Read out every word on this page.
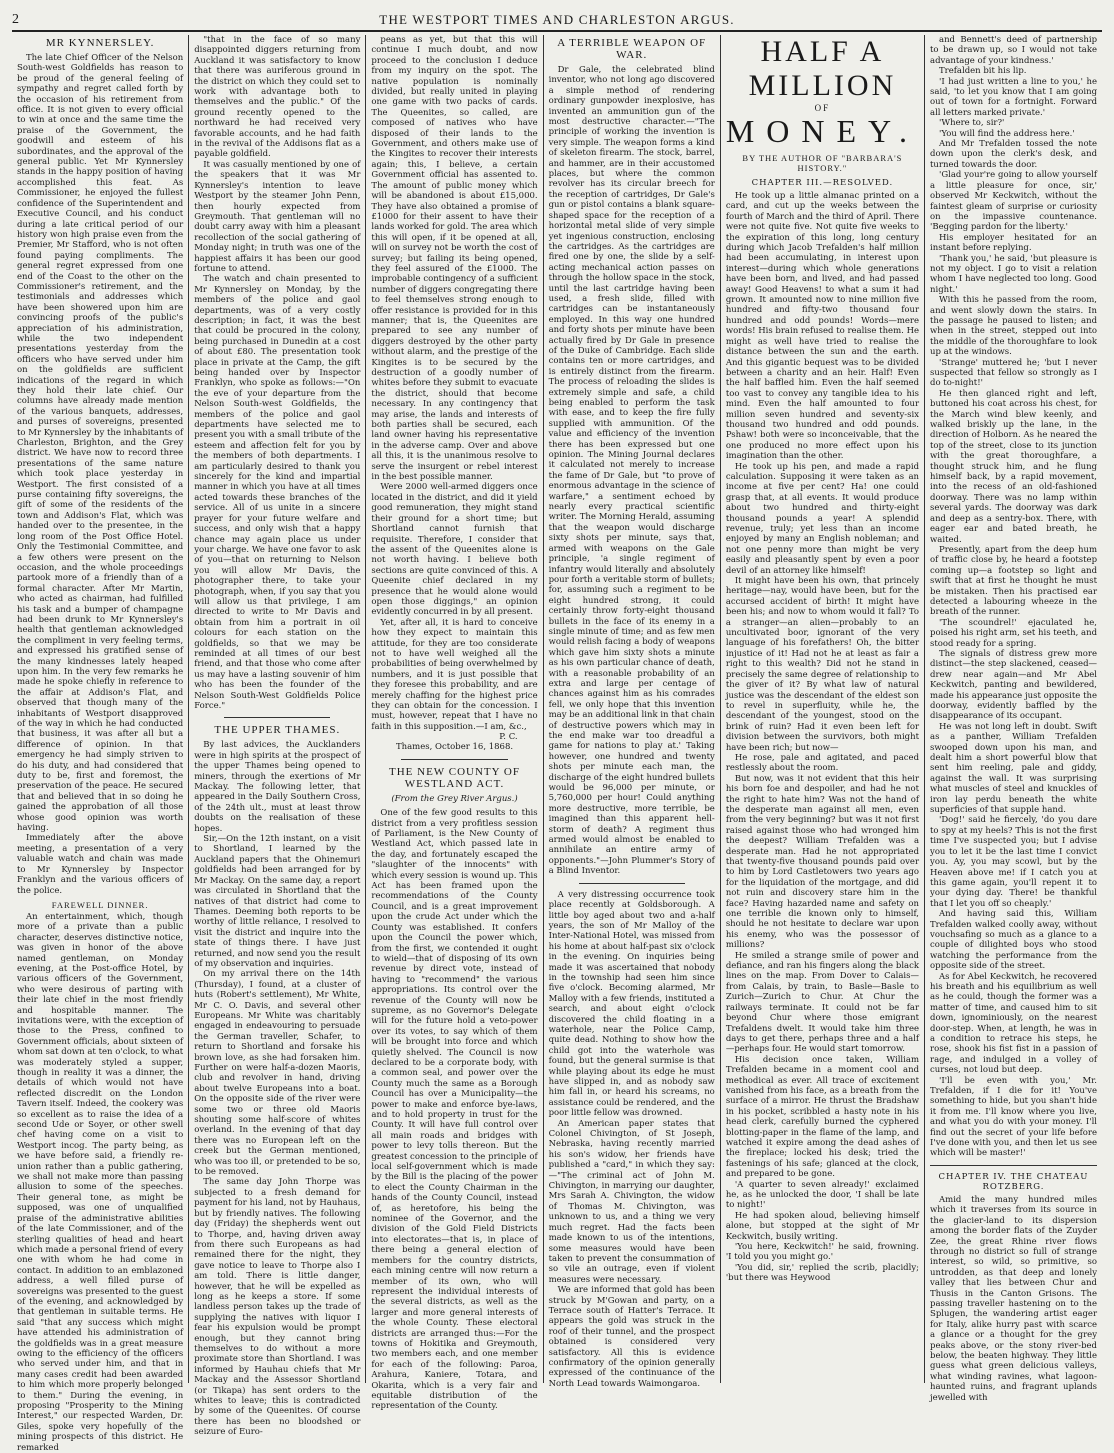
2	THE WESTPORT TIMES AND CHARLESTON ARGUS.
MR KYNNERSLEY.

The late Chief Officer of the Nelson South-west Goldfields has reason to be proud of the general feeling of sympathy and regret called forth by the occasion of his retirement from office. It is not given to every official to win at once and the same time the praise of the Government, the goodwill and esteem of his subordinates, and the approval of the general public. Yet Mr Kynnersley stands in the happy position of having accomplished this feat. As Commissioner, he enjoyed the fullest confidence of the Superintendent and Executive Council, and his conduct during a late critical period of our history won high praise even from the Premier, Mr Stafford, who is not often found paying compliments. The general regret expressed from one end of the Coast to the other on the Commissioner's retirement, and the testimonials and addresses which have been showered upon him are convincing proofs of the public's appreciation of his administration, while the two independent presentations yesterday from the officers who have served under him on the goldfields are sufficient indications of the regard in which they hold their late chief. Our columns have already made mention of the various banquets, addresses, and purses of sovereigns, presented to Mr Kynnersley by the inhabitants of Charleston, Brighton, and the Grey district. We have now to record three presentations of the same nature which took place yesterday in Westport. The first consisted of a purse containing fifty sovereigns, the gift of some of the residents of the town and Addison's Flat, which was handed over to the presentee, in the long room of the Post Office Hotel. Only the Testimonial Committee, and a few others were present on the occasion, and the whole proceedings partook more of a friendly than of a formal character. After Mr Martin, who acted as chairman, had fulfilled his task and a bumper of champagne had been drunk to Mr Kynnersley's health that gentleman acknowledged the compliment in very feeling terms, and expressed his gratified sense of the many kindnesses lately heaped upon him. In the very few remarks he made he spoke chiefly in reference to the affair at Addison's Flat, and observed that though many of the inhabitants of Westport disapproved of the way in which he had conducted that business, it was after all but a difference of opinion. In that emergency he had simply striven to do his duty, and had considered that duty to be, first and foremost, the preservation of the peace. He secured that and believed that in so doing he gained the approbation of all those whose good opinion was worth having.

Immediately after the above meeting, a presentation of a very valuable watch and chain was made to Mr Kynnersley by Inspector Franklyn and the various officers of the police.

FAREWELL DINNER.

An entertainment, which, though more of a private than a public character, deserves distinctive notice, was given in honor of the above named gentleman, on Monday evening, at the Post-office Hotel, by various officers of the Government, who were desirous of parting with their late chief in the most friendly and hospitable manner. The invitations were, with the exception of those to the Press, confined to Government officials, about sixteen of whom sat down at ten o'clock, to what was moderately styled a supper, though in reality it was a dinner, the details of which would not have reflected discredit on the London Tavern itself. Indeed, the cookery was so excellent as to raise the idea of a second Ude or Soyer, or other swell chef having come on a visit to Westport incog. The party being, as we have before said, a friendly re-union rather than a public gathering, we shall not make more than passing allusion to some of the speeches. Their general tone, as might be supposed, was one of unqualified praise of the administrative abilities of the late Commissioner, and of the sterling qualities of head and heart which made a personal friend of every one with whom he had come in contact. In addition to an emblazoned address, a well filled purse of sovereigns was presented to the guest of the evening, and acknowledged by that gentleman in suitable terms. He said "that any success which might have attended his administration of the goldfields was in a great measure owing to the efficiency of the officers who served under him, and that in many cases credit had been awarded to him which more properly belonged to them." During the evening, in proposing "Prosperity to the Mining Interest," our respected Warden, Dr. Giles, spoke very hopefully of the mining prospects of this district. He remarked

"that in the face of so many disappointed diggers returning from Auckland it was satisfactory to know that there was auriferous ground in the district on which they could set to work with advantage both to themselves and the public." Of the ground recently opened to the northward he had received very favorable accounts, and he had faith in the revival of the Addisons flat as a payable goldfield.

It was casually mentioned by one of the speakers that it was Mr Kynnersley's intention to leave Westport by the steamer John Penn, then hourly expected from Greymouth. That gentleman will no doubt carry away with him a pleasant recollection of the social gathering of Monday night; in truth was one of the happiest affairs it has been our good fortune to attend.

The watch and chain presented to Mr Kynnersley on Monday, by the members of the police and gaol departments, was of a very costly description; in fact, it was the best that could be procured in the colony, being purchased in Dunedin at a cost of about £80. The presentation took place in private at the Camp, the gift being handed over by Inspector Franklyn, who spoke as follows:—"On the eve of your departure from the Nelson South-west Goldfields, the members of the police and gaol departments have selected me to present you with a small tribute of the esteem and affection felt for you by the members of both departments. I am particularly desired to thank you sincerely for the kind and impartial manner in which you have at all times acted towards these branches of the service. All of us unite in a sincere prayer for your future welfare and success, and only wish that a happy chance may again place us under your charge. We have one favor to ask of you—that on returning to Nelson you will allow Mr Davis, the photographer there, to take your photograph, when, if you say that you will allow us that privilege, I am directed to write to Mr Davis and obtain from him a portrait in oil colours for each station on the goldfields, so that we may be reminded at all times of our best friend, and that those who come after us may have a lasting souvenir of him who has been the founder of the Nelson South-West Goldfields Police Force."

THE UPPER THAMES.

By last advices, the Aucklanders were in high spirits at the prospect of the upper Thames being opened to miners, through the exertions of Mr Mackay. The following letter, that appeared in the Daily Southern Cross, of the 24th ult., must at least throw doubts on the realisation of these hopes.

Sir,—On the 12th instant, on a visit to Shortland, I learned by the Auckland papers that the Ohinemuri goldfields had been arranged for by Mr Mackay. On the same day, a report was circulated in Shortland that the natives of that district had come to Thames. Deeming both reports to be worthy of little reliance, I resolved to visit the district and inquire into the state of things there. I have just returned, and now send you the result of my observation and inquiries.

On my arrival there on the 14th (Thursday), I found, at a cluster of huts (Robert's settlement), Mr White, Mr C. O. Davis, and several other Europeans. Mr White was charitably engaged in endeavouring to persuade the German traveller, Schafer, to return to Shortland and forsake his brown love, as she had forsaken him. Further on were half-a-dozen Maoris, club and revolver in hand, driving about twelve Europeans into a boat. On the opposite side of the river were some two or three old Maoris shouting some half-score of whites overland. In the evening of that day there was no European left on the creek but the German mentioned, who was too ill, or pretended to be so, to be removed.

The same day John Thorpe was subjected to a fresh demand for payment for his land, not by Hauhaus, but by friendly natives. The following day (Friday) the shepherds went out to Thorpe, and, having driven away from there such Europeans as had remained there for the night, they gave notice to leave to Thorpe also I am told. There is little danger, however, that he will be expelled as long as he keeps a store. If some landless person takes up the trade of supplying the natives with liquor I fear his expulsion would be prompt enough, but they cannot bring themselves to do without a more proximate store than Shortland. I was informed by Hauhau chiefs that Mr Mackay and the Assessor Shortland (or Tikapa) has sent orders to the whites to leave; this is contradicted by some of the Queenites. Of course there has been no bloodshed or seizure of Euro-

peans as yet, but that this will continue I much doubt, and now proceed to the conclusion I deduce from my inquiry on the spot. The native population is nominally divided, but really united in playing one game with two packs of cards. The Queenites, so called, are composed of natives who have disposed of their lands to the Government, and others make use of the Kingites to recover their interests again; this, I believe, a certain Government official has assented to. The amount of public money which will be abandoned is about £15,000. They have also obtained a promise of £1000 for their assent to have their lands worked for gold. The area which this will open, if it be opened at all, will on survey not be worth the cost of survey; but failing its being opened, they feel assured of the £1000. The improbable contingency of a sufficient number of diggers congregating there to feel themselves strong enough to offer resistance is provided for in this manner; that is, the Queenites are prepared to see any number of diggers destroyed by the other party without alarm, and the prestige of the Kingites is to be secured by the destruction of a goodly number of whites before they submit to evacuate the district, should that become necessary. In any contingency that may arise, the lands and interests of both parties shall be secured, each land owner having his representative in the adverse camp. Over and above all this, it is the unanimous resolve to serve the insurgent or rebel interest in the best possible manner.

Were 2000 well-armed diggers once located in the district, and did it yield good remuneration, they might stand their ground for a short time; but Shortland cannot furnish that requisite. Therefore, I consider that the assent of the Queenites alone is not worth having. I believe both sections are quite convinced of this. A Queenite chief declared in my presence that he would alone would open those diggings," an opinion evidently concurred in by all present.

Yet, after all, it is hard to conceive how they expect to maintain this attitude, for they are too considerate not to have well weighed all the probabilities of being overwhelmed by numbers, and it is just possible that they foresee this probability, and are merely chaffing for the highest price they can obtain for the concession. I must, however, repeat that I have no faith in this supposition.—I am, &c.,

P. C.
Thames, October 16, 1868.
THE NEW COUNTY OF WESTLAND ACT.
(From the Grey River Argus.)

One of the few good results to this district from a very profitless session of Parliament, is the New County of Westland Act, which passed late in the day, and fortunately escaped the "slaughter of the innocents" with which every session is wound up. This Act has been framed upon the recommendations of the County Council, and is a great improvement upon the crude Act under which the County was established. It confers upon the Council the power which, from the first, we contended it ought to wield—that of disposing of its own revenue by direct vote, instead of having to "recommend" the various appropriations. Its control over the revenue of the County will now be supreme, as no Governor's Delegate will for the future hold a veto-power over its votes, to say which of them will be brought into force and which quietly shelved. The Council is now declared to be a corporate body, with a common seal, and power over the County much the same as a Borough Council has over a Municipality—the power to make and enforce bye-laws, and to hold property in trust for the County. It will have full control over all main roads and bridges with power to levy tolls thereon. But the greatest concession to the principle of local self-government which is made by the Bill is the placing of the power to elect the County Chairman in the hands of the County Council, instead of, as heretofore, his being the nominee of the Governor, and the division of the Gold Field Districts into electorates—that is, in place of there being a general election of members for the country districts, each mining centre will now return a member of its own, who will represent the individual interests of the several districts, as well as the larger and more general interests of the whole County. These electoral districts are arranged thus:—For the towns of Hokitika and Greymouth, two members each, and one member for each of the following: Paroa, Arahura, Kaniere, Totara, and Okarita, which is a very fair and equitable distribution of the representation of the County.

A TERRIBLE WEAPON OF WAR.

Dr Gale, the celebrated blind inventor, who not long ago discovered a simple method of rendering ordinary gunpowder inexplosive, has invented an ammunition gun of the most destructive character.—"The principle of working the invention is very simple. The weapon forms a kind of skeleton firearm. The stock, barrel, and hammer, are in their accustomed places, but where the common revolver has its circular breech for the reception of cartridges, Dr Gale's gun or pistol contains a blank square-shaped space for the reception of a horizontal metal slide of very simple yet ingenious construction, enclosing the cartridges. As the cartridges are fired one by one, the slide by a self-acting mechanical action passes on through the hollow space in the stock, until the last cartridge having been used, a fresh slide, filled with cartridges can be instantaneously employed. In this way one hundred and forty shots per minute have been actually fired by Dr Gale in presence of the Duke of Cambridge. Each slide contains ten or more cartridges, and is entirely distinct from the firearm. The process of reloading the slides is extremely simple and safe, a child being enabled to perform the task with ease, and to keep the fire fully supplied with ammunition. Of the value and efficiency of the invention there has been expressed but one opinion. The Mining Journal declares it calculated not merely to increase the fame of Dr Gale, but "to prove of enormous advantage in the science of warfare," a sentiment echoed by nearly every practical scientific writer. The Morning Herald, assuming that the weapon would discharge sixty shots per minute, says that, armed with weapons on the Gale principle, 'a single regiment of infantry would literally and absolutely pour forth a veritable storm of bullets; for, assuming such a regiment to be eight hundred strong, it could certainly throw forty-eight thousand bullets in the face of its enemy in a single minute of time; and as few men would relish facing a body of weapons which gave him sixty shots a minute as his own particular chance of death, with a reasonable probability of an extra and large per centage of chances against him as his comrades fell, we only hope that this invention may be an additional link in that chain of destructive powers which may in the end make war too dreadful a game for nations to play at.' Taking however, one hundred and twenty shots per minute each man, the discharge of the eight hundred bullets would be 96,000 per minute, or 5,760,000 per hour! Could anything more destructive, more terrible, be imagined than this apparent hell-storm of death? A regiment thus armed would almost be enabled to annihilate an entire army of opponents."—John Plummer's Story of a Blind Inventor.

A very distressing occurrence took place recently at Goldsborough. A little boy aged about two and a-half years, the son of Mr Malloy of the Inter-National Hotel, was missed from his home at about half-past six o'clock in the evening. On inquiries being made it was ascertained that nobody in the township had seen him since five o'clock. Becoming alarmed, Mr Malloy with a few friends, instituted a search, and about eight o'clock discovered the child floating in a waterhole, near the Police Camp, quite dead. Nothing to show how the child got into the waterhole was found, but the general surmise is that while playing about its edge he must have slipped in, and as nobody saw him fall in, or heard his screams, no assistance could be rendered, and the poor little fellow was drowned.

An American paper states that Colonel Chivington, of St Joseph, Nebraska, having recently married his son's widow, her friends have published a "card," in which they say:—"The criminal act of John M. Chivington, in marrying our daughter, Mrs Sarah A. Chivington, the widow of Thomas M. Chivington, was unknown to us, and a thing we very much regret. Had the facts been made known to us of the intentions, some measures would have been taken to prevent the consummation of so vile an outrage, even if violent measures were necessary.

We are informed that gold has been struck by M'Gowan and party, on a Terrace south of Hatter's Terrace. It appears the gold was struck in the roof of their tunnel, and the prospect obtained is considered very satisfactory. All this is evidence confirmatory of the opinion generally expressed of the continuance of the North Lead towards Waimongaroa.

HALF A MILLION
OF
MONEY.
BY THE AUTHOR OF "BARBARA'S HISTORY."
CHAPTER III.—RESOLVED.

He took up a little almanac printed on a card, and cut up the weeks between the fourth of March and the third of April. There were not quite five. Not quite five weeks to the expiration of this long, long century during which Jacob Trefalden's half million had been accumulating, in interest upon interest—during which whole generations have been born, and lived, and had passed away! Good Heavens! to what a sum it had grown. It amounted now to nine million five hundred and fifty-two thousand four hundred and odd pounds! Words—mere words! His brain refused to realise them. He might as well have tried to realise the distance between the sun and the earth. And this gigantic bequest was to be divided between a charity and an heir. Half! Even the half baffled him. Even the half seemed too vast to convey any tangible idea to his mind. Even the half amounted to four million seven hundred and seventy-six thousand two hundred and odd pounds. Pshaw! both were so inconceivable, that the one produced no more effect upon his imagination than the other.

He took up his pen, and made a rapid calculation. Supposing it were taken as an income at five per cent? Ha! one could grasp that, at all events. It would produce about two hundred and thirty-eight thousand pounds a year! A splendid revenue, truly; yet less than an income enjoyed by many an English nobleman; and not one penny more than might be very easily and pleasantly spent by even a poor devil of an attorney like himself!

It might have been his own, that princely heritage—nay, would have been, but for the accursed accident of birth! It might have been his; and now to whom would it fall? To a stranger—an alien—probably to an uncultivated boor, ignorant of the very language of his forefathers! Oh, the bitter injustice of it! Had not he at least as fair a right to this wealth? Did not he stand in precisely the same degree of relationship to the giver of it? By what law of natural justice was the descendant of the eldest son to revel in superfluity, while he, the descendant of the youngest, stood on the brink of ruin? Had it even been left for division between the survivors, both might have been rich; but now—

He rose, pale and agitated, and paced restlessly about the room.

But now, was it not evident that this heir his born foe and despoiler, and had he not the right to hate him? Was not the hand of the desperate man against all men, even from the very beginning? but was it not first raised against those who had wronged him the deepest? William Trefalden was a desperate man. Had he not appropriated that twenty-five thousand pounds paid over to him by Lord Castletowers two years ago for the liquidation of the mortgage, and did not ruin and discovery stare him in the face? Having hazarded name and safety on one terrible die known only to himself, should he not hesitate to declare war upon his enemy, who was the possessor of millions?

He smiled a strange smile of power and defiance, and ran his fingers along the black lines on the map. From Dover to Calais—from Calais, by train, to Basle—Basle to Zurich—Zurich to Chur. At Chur the railways terminate. It could not be far beyond Chur where those emigrant Trefaldens dwelt. It would take him three days to get there, perhaps three and a half—perhaps four. He would start tomorrow.

His decision once taken, William Trefalden became in a moment cool and methodical as ever. All trace of excitement vanished from his face, as a breath from the surface of a mirror. He thrust the Bradshaw in his pocket, scribbled a hasty note in his head clerk, carefully burned the cyphered blotting-paper in the flame of the lamp, and watched it expire among the dead ashes of the fireplace; locked his desk; tried the fastenings of his safe; glanced at the clock, and prepared to be gone.

'A quarter to seven already!' exclaimed he, as he unlocked the door, 'I shall be late to night!'

He had spoken aloud, believing himself alone, but stopped at the sight of Mr Keckwitch, busily writing.

'You here, Keckwitch!' he said, frowning. 'I told you you might go.'

'You did, sir,' replied the scrib, placidly; 'but there was Heywood

and Bennett's deed of partnership to be drawn up, so I would not take advantage of your kindness.'

Trefalden bit his lip.

'I had just written a line to you,' he said, 'to let you know that I am going out of town for a fortnight. Forward all letters marked private.'

'Where to, sir?'

'You will find the address here.'

And Mr Trefalden tossed the note down upon the clerk's desk, and turned towards the door.

'Glad your're going to allow yourself a little pleasure for once, sir,' observed Mr Keckwitch, without the faintest gleam of surprise or curiosity on the impassive countenance. 'Begging pardon for the liberty.'

His employer hesitated for an instant before replying.

'Thank you,' he said, 'but pleasure is not my object. I go to visit a relation whom I have neglected too long. Good night.'

With this he passed from the room, and went slowly down the stairs. In the passage he paused to listen; and when in the street, stepped out into the middle of the thoroughfare to look up at the windows.

'Strange' muttered he; 'but I never suspected that fellow so strongly as I do to-night!'

He then glanced right and left, buttoned his coat across his chest, for the March wind blew keenly, and walked briskly up the lane, in the direction of Holborn. As he neared the top of the street, close to its junction with the great thoroughfare, a thought struck him, and he flung himself back, by a rapid movement, into the recess of an old-fashioned doorway. There was no lamp within several yards. The doorway was dark and deep as a sentry-box. There, with eager ear and bated breath, he waited.

Presently, apart from the deep hum of traffic close by, he heard a footstep coming up—a footstep so light and swift that at first he thought he must be mistaken. Then his practised ear detected a labouring wheeze in the breath of the runner.

'The scoundrel!' ejaculated he, poised his right arm, set his teeth, and stood ready for a spring.

The signals of distress grew more distinct—the step slackened, ceased—drew near again—and Mr Abel Keckwitch, panting and bewildered, made his appearance just opposite the doorway, evidently baffled by the disappearance of its occupant.

He was not long left in doubt. Swift as a panther, William Trefalden swooped down upon his man, and dealt him a short powerful blow that sent him reeling, pale and giddy, against the wall. It was surprising what muscles of steel and knuckles of iron lay perdu beneath the white superficies of that supple hand.

'Dog!' said he fiercely, 'do you dare to spy at my heels? This is not the first time I've suspected you; but I advise you to let it be the last time I convict you. Ay, you may scowl, but by the Heaven above me! if I catch you at this game again, you'll repent it to your dying day. There! be thankful that I let you off so cheaply.'

And having said this, William Trefalden walked coolly away, without vouchsafing so much as a glance to a couple of dilighted boys who stood watching the performance from the opposite side of the street.

As for Abel Keckwitch, he recovered his breath and his equilibrium as well as he could, though the former was a matter of time, and caused him to sit down, ignominiously, on the nearest door-step. When, at length, he was in a condition to retrace his steps, he rose, shook his fist fist in a passion of rage, and indulged in a volley of curses, not loud but deep.

'I'll be even with you,' Mr. Trefalden, if I die for it! You've something to hide, but you shan't hide it from me. I'll know where you live, and what you do with your money. I'll find out the secret of your life before I've done with you, and then let us see which will be master!'

CHAPTER IV. THE CHATEAU ROTZBERG.

Amid the many hundred miles which it traverses from its source in the glacier-land to its dispersion among the border flats of the Zuyder Zee, the great Rhine river flows through no district so full of strange interest, so wild, so primitive, so untrodden, as that deep and lonely valley that lies between Chur and Thusis in the Canton Grisons. The passing traveller hastening on to the Splugen, the wandering artist eager for Italy, alike hurry past with scarce a glance or a thought for the grey peaks above, or the stony river-bed below, the beaten highway. They little guess what green delicious valleys, what winding ravines, what lagoon-haunted ruins, and fragrant uplands jewelled with
